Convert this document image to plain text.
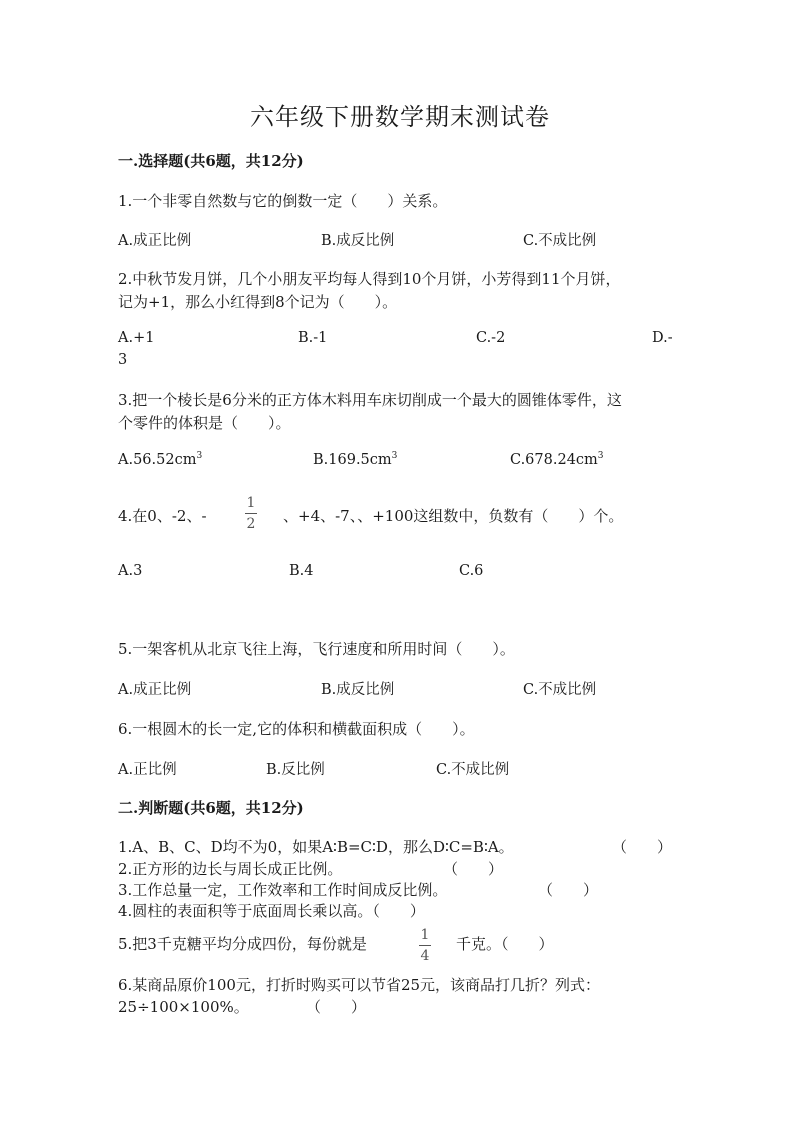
六年级下册数学期末测试卷
一.选择题(共6题，共12分)
1.一个非零自然数与它的倒数一定（　　）关系。
A.成正比例	B.成反比例	C.不成比例
2.中秋节发月饼，几个小朋友平均每人得到10个月饼，小芳得到11个月饼，
记为+1，那么小红得到8个记为（　　）。
A.+1	B.-1	C.-2	D.-
3
3.把一个棱长是6分米的正方体木料用车床切削成一个最大的圆锥体零件，这
个零件的体积是（　　）。
$A.56.52cm^3$	$B.169.5cm^3$	$C.678.24cm^3$
4.在0、-2、-
1
2 、+4、-7、、+100这组数中，负数有（　　）个。
A.3	B.4	C.6
5.一架客机从北京飞往上海，飞行速度和所用时间（　　）。
A.成正比例	B.成反比例	C.不成比例
6.一根圆木的长一定,它的体积和横截面积成（　　）。
A.正比例	B.反比例	C.不成比例
二.判断题(共6题，共12分)
1.A、B、C、D均不为0，如果A∶B=C∶D，那么D∶C=B∶A。	（　　）
2.正方形的边长与周长成正比例。	（　　）
3.工作总量一定，工作效率和工作时间成反比例。	（　　）
4.圆柱的表面积等于底面周长乘以高。（　　）
5.把3千克糖平均分成四份，每份就是	1
4
千克。（　　）
6.某商品原价100元，打折时购买可以节省25元，该商品打几折？列式：
25÷100×100%。	（　　）
